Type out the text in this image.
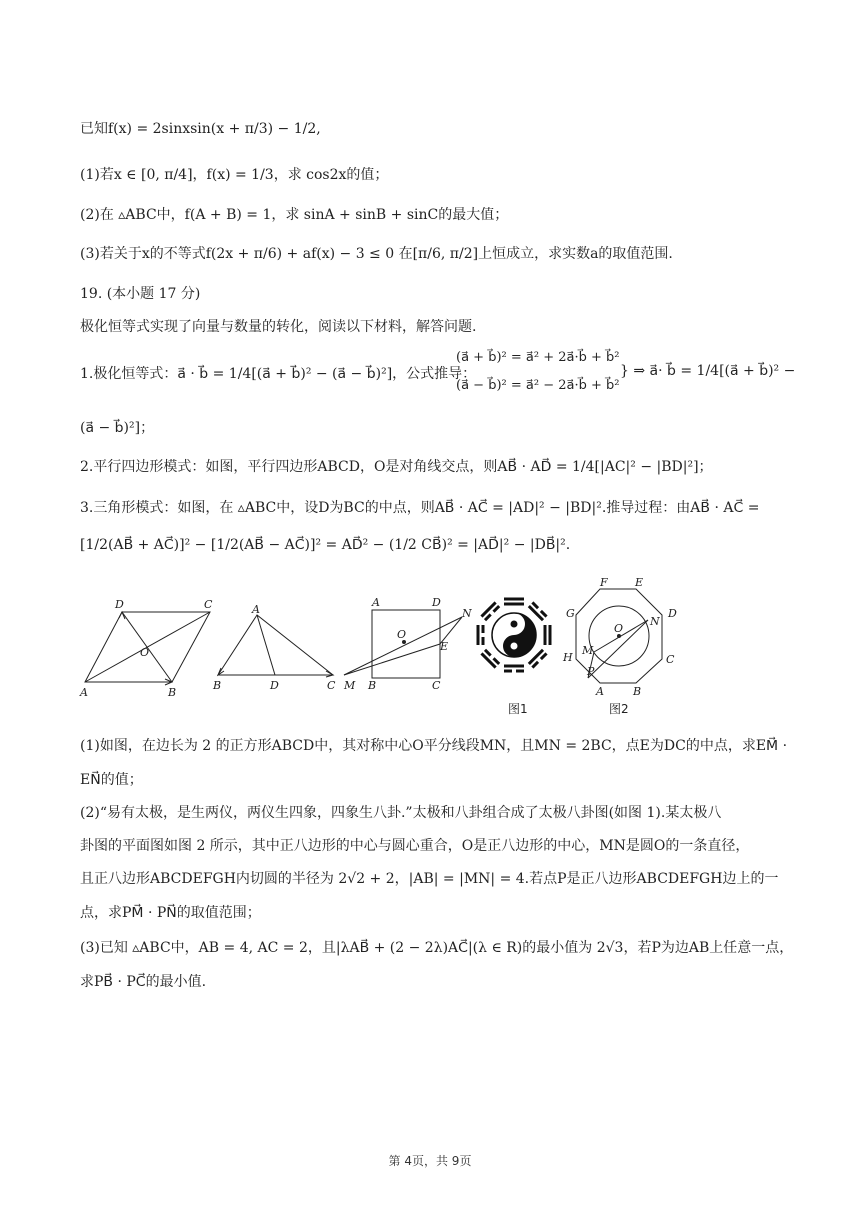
已知f(x) = 2sinxsin(x + π/3) − 1/2,
(1)若x ∈ [0, π/4]，f(x) = 1/3，求 cos2x的值；
(2)在 ▵ABC中，f(A + B) = 1，求 sinA + sinB + sinC的最大值；
(3)若关于x的不等式f(2x + π/6) + af(x) − 3 ≤ 0 在[π/6, π/2]上恒成立，求实数a的取值范围.
19. (本小题 17 分)
极化恒等式实现了向量与数量的转化，阅读以下材料，解答问题.
1.极化恒等式：a⃗ · b⃗ = 1/4[(a⃗ + b⃗)² − (a⃗ − b⃗)²]，公式推导：
(a⃗ + b⃗)² = a⃗² + 2a⃗·b⃗ + b⃗²
(a⃗ − b⃗)² = a⃗² − 2a⃗·b⃗ + b⃗²
} ⇒ a⃗· b⃗ = 1/4[(a⃗ + b⃗)² −
(a⃗ − b⃗)²]；
2.平行四边形模式：如图，平行四边形ABCD，O是对角线交点，则AB⃗ · AD⃗ = 1/4[|AC|² − |BD|²]；
3.三角形模式：如图，在 ▵ABC中，设D为BC的中点，则AB⃗ · AC⃗ = |AD|² − |BD|².推导过程：由AB⃗ · AC⃗ =
[1/2(AB⃗ + AC⃗)]² − [1/2(AB⃗ − AC⃗)]² = AD⃗² − (1/2 CB⃗)² = |AD⃗|² − |DB⃗|².
D	C
O
A	B
A
B	D	C
A	D
N
O
E
M B	C
F E
G	D
O
N
M
H	C
P
A	B
图1	图2
(1)如图，在边长为 2 的正方形ABCD中，其对称中心O平分线段MN，且MN = 2BC，点E为DC的中点，求EM⃗ ·
EN⃗的值；
(2)“易有太极，是生两仪，两仪生四象，四象生八卦.”太极和八卦组合成了太极八卦图(如图 1).某太极八
卦图的平面图如图 2 所示，其中正八边形的中心与圆心重合，O是正八边形的中心，MN是圆O的一条直径，
且正八边形ABCDEFGH内切圆的半径为 2√2 + 2，|AB| = |MN| = 4.若点P是正八边形ABCDEFGH边上的一
点，求PM⃗ · PN⃗的取值范围；
(3)已知 ▵ABC中，AB = 4, AC = 2，且|λAB⃗ + (2 − 2λ)AC⃗|(λ ∈ R)的最小值为 2√3，若P为边AB上任意一点，
求PB⃗ · PC⃗的最小值.
第 4页，共 9页
